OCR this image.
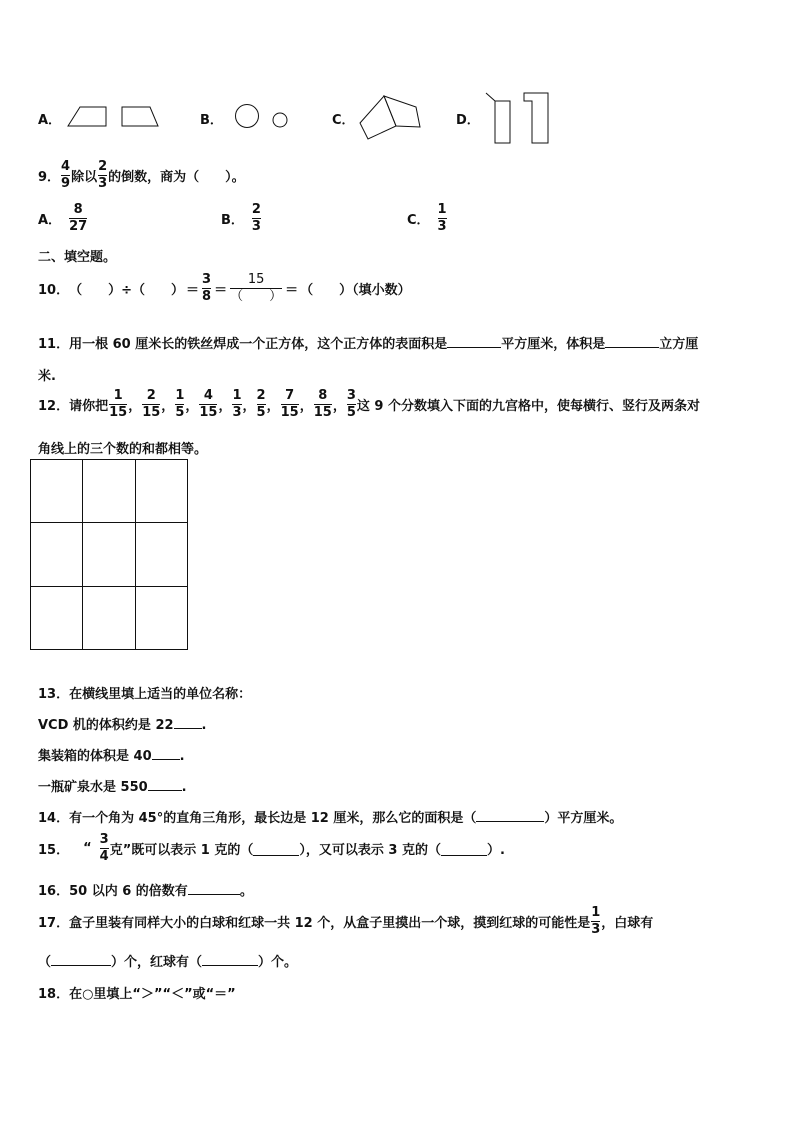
A．	B．	C．	D．
9． $\frac{4}{9}$ 除以 $\frac{2}{3}$ 的倒数，商为（　　）。
A． $\frac{8}{27}$	B． $\frac{2}{3}$	C． $\frac{1}{3}$
二、填空题。
10． （　　）÷（　　） ＝ $\frac{3}{8} = \frac{15}{( )}$ ＝ （　　）（填小数）
11．用一根 60 厘米长的铁丝焊成一个正方体，这个正方体的表面积是	平方厘米，体积是	立方厘
米.
12．请你把 $\frac{1}{15}$ ， $\frac{2}{15}$ ， $\frac{1}{5}$ ， $\frac{4}{15}$ ， $\frac{1}{3}$ ， $\frac{2}{5}$ ， $\frac{7}{15}$ ， $\frac{8}{15}$ ， $\frac{3}{5}$ 这 9 个分数填入下面的九宫格中，使每横行、竖行及两条对
角线上的三个数的和都相等。
13．在横线里填上适当的单位名称：
VCD 机的体积约是 22 .
集装箱的体积是 40 .
一瓶矿泉水是 550	.
14．有一个角为 45°的直角三角形，最长边是 12 厘米，那么它的面积是（	）平方厘米。
15． “ $\frac{3}{4}$ 克”既可以表示 1 克的（	），又可以表示 3 克的（	）.
16．50 以内 6 的倍数有	。
17．盒子里装有同样大小的白球和红球一共 12 个，从盒子里摸出一个球，摸到红球的可能性是 $\frac{1}{3}$ ，白球有
（	）个，红球有（	）个。
18．在○里填上“＞”“＜”或“＝”
